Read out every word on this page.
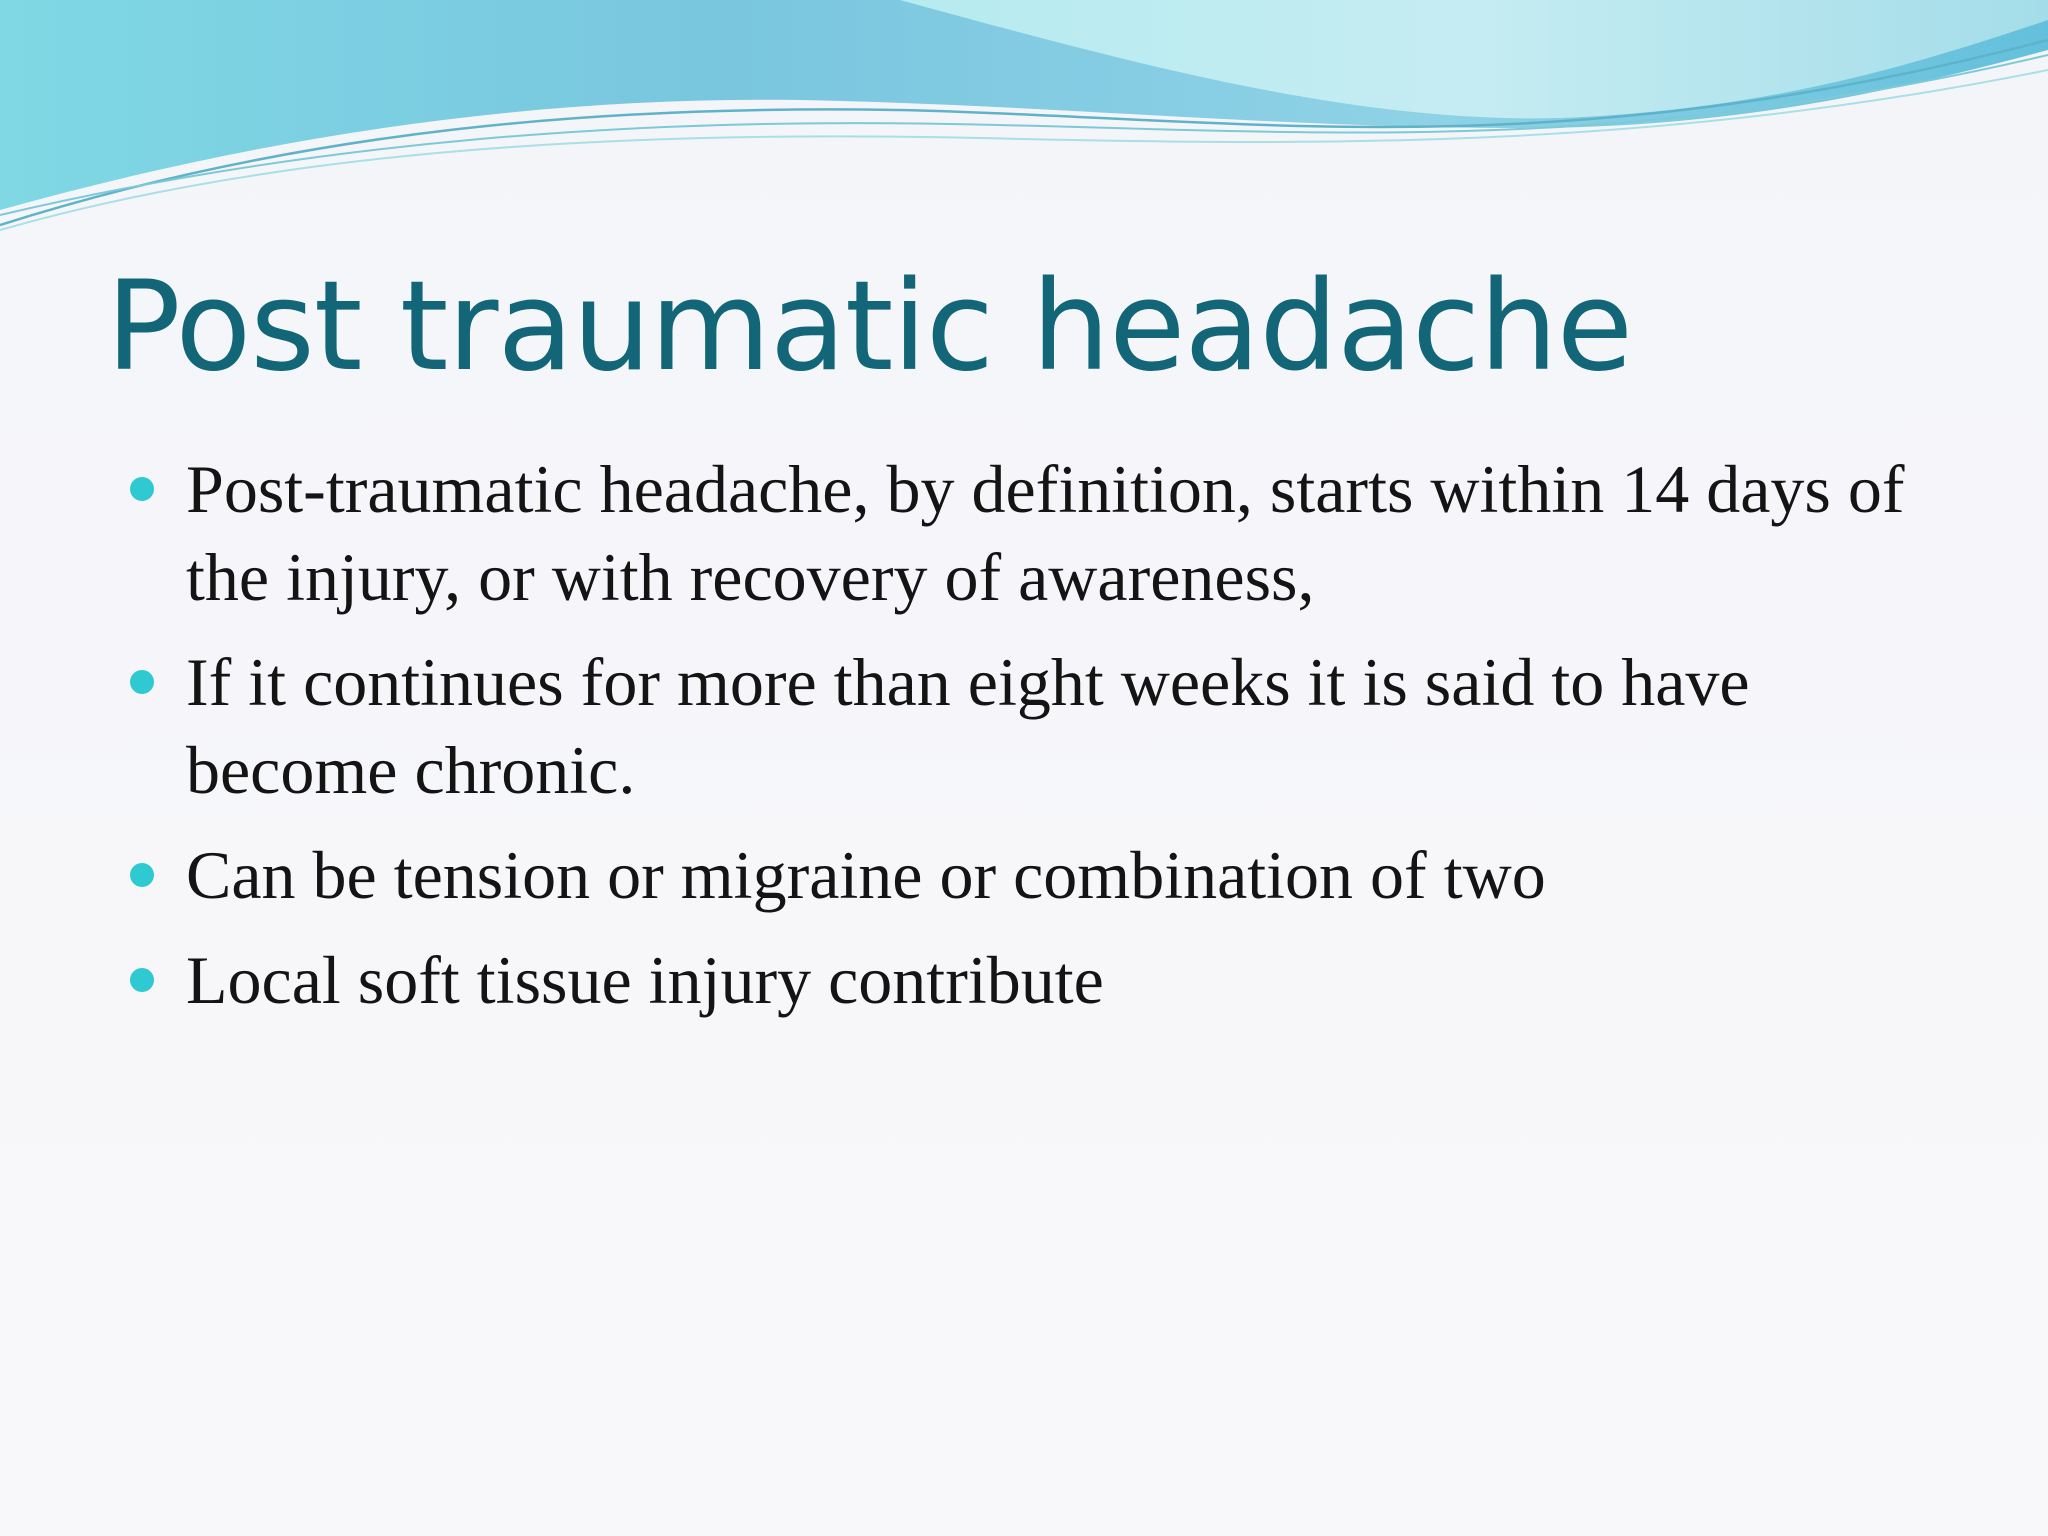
Post traumatic headache
Post-traumatic headache, by definition, starts within 14 days of the injury, or with recovery of awareness,
If it continues for more than eight weeks it is said to have become chronic.
Can be tension or migraine or combination of two
Local soft tissue injury contribute
